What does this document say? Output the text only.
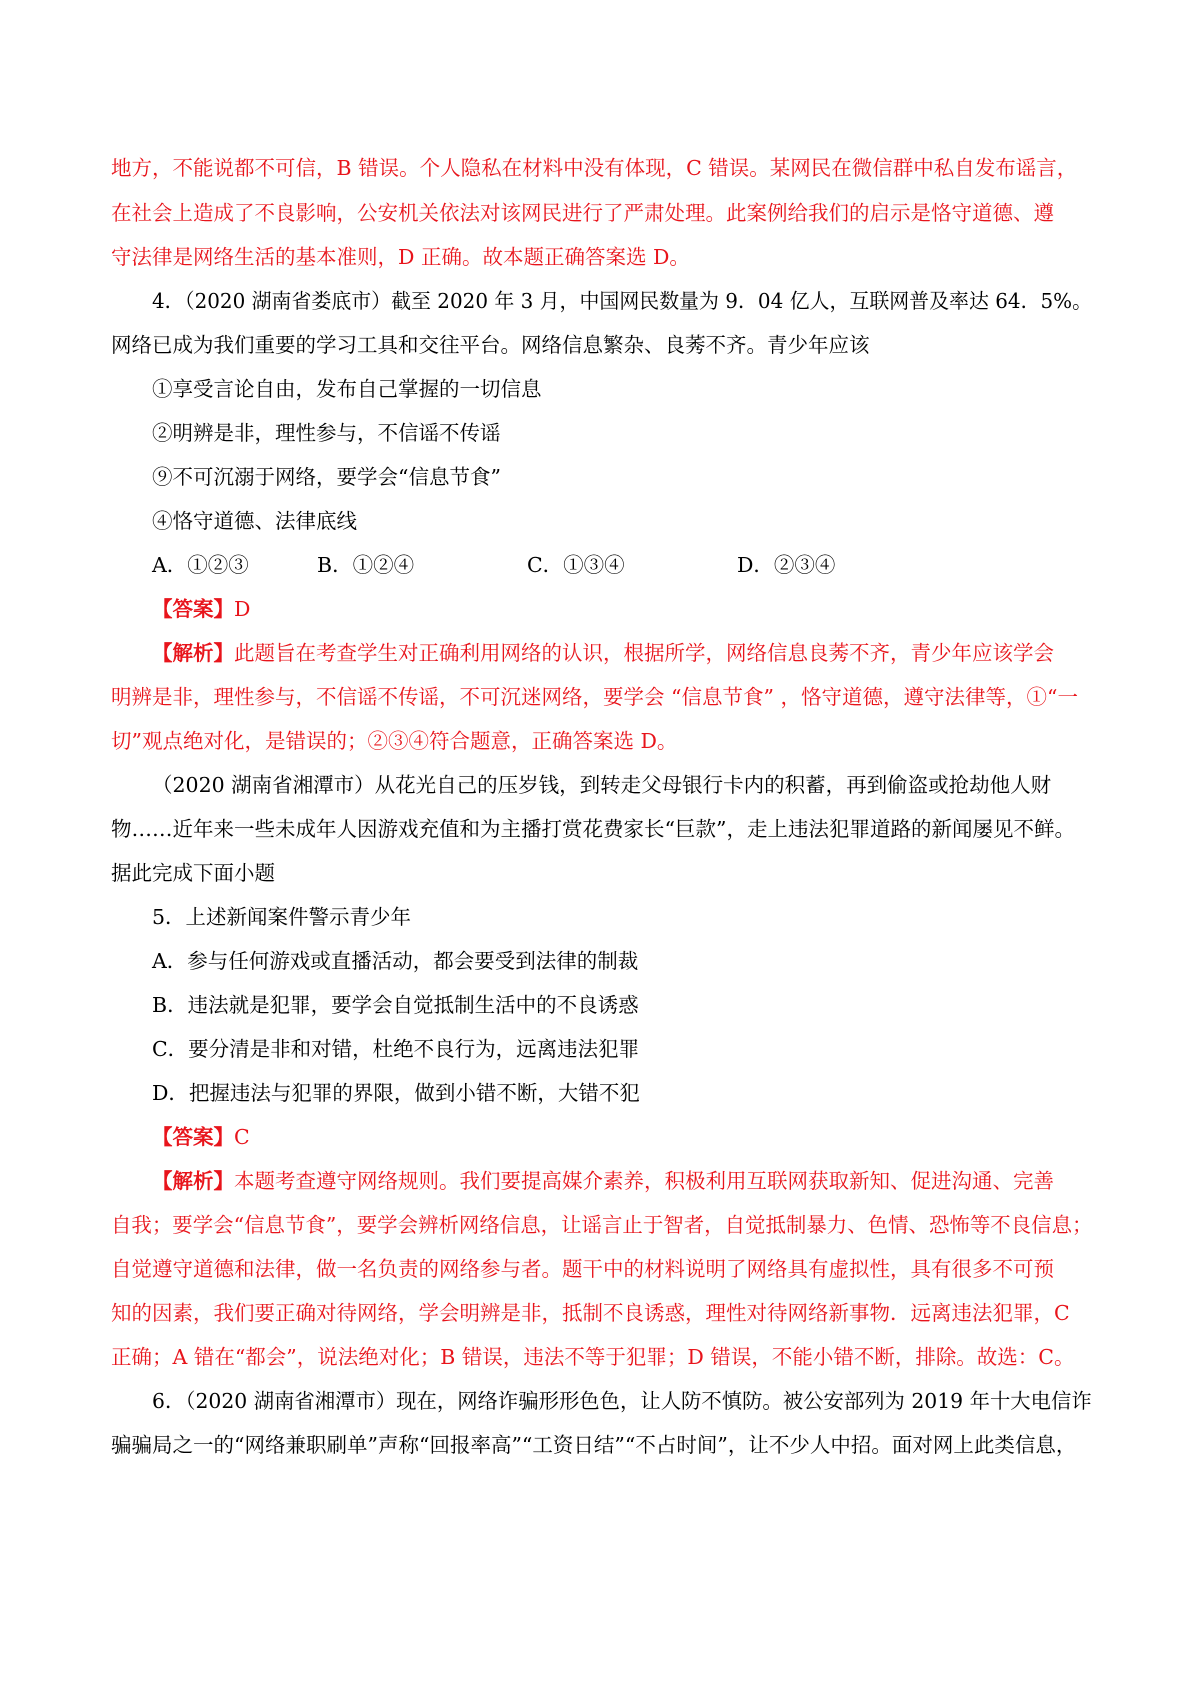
地方，不能说都不可信，B 错误。个人隐私在材料中没有体现，C 错误。某网民在微信群中私自发布谣言，
在社会上造成了不良影响，公安机关依法对该网民进行了严肃处理。此案例给我们的启示是恪守道德、遵
守法律是网络生活的基本准则，D 正确。故本题正确答案选 D。
4．（2020 湖南省娄底市）截至 2020 年 3 月，中国网民数量为 9．04 亿人，互联网普及率达 64．5%。
网络已成为我们重要的学习工具和交往平台。网络信息繁杂、良莠不齐。青少年应该
①享受言论自由，发布自己掌握的一切信息
②明辨是非，理性参与，不信谣不传谣
⑨不可沉溺于网络，要学会“信息节食”
④恪守道德、法律底线
A．①②③	B．①②④	C．①③④	D．②③④
【答案】D
【解析】此题旨在考查学生对正确利用网络的认识，根据所学，网络信息良莠不齐，青少年应该学会
明辨是非，理性参与，不信谣不传谣，不可沉迷网络，要学会 “信息节食” ，恪守道德，遵守法律等，①“一
切”观点绝对化，是错误的；②③④符合题意，正确答案选 D。
（2020 湖南省湘潭市）从花光自己的压岁钱，到转走父母银行卡内的积蓄，再到偷盗或抢劫他人财
物……近年来一些未成年人因游戏充值和为主播打赏花费家长“巨款”，走上违法犯罪道路的新闻屡见不鲜。
据此完成下面小题
5．上述新闻案件警示青少年
A．参与任何游戏或直播活动，都会要受到法律的制裁
B．违法就是犯罪，要学会自觉抵制生活中的不良诱惑
C．要分清是非和对错，杜绝不良行为，远离违法犯罪
D．把握违法与犯罪的界限，做到小错不断，大错不犯
【答案】C
【解析】本题考查遵守网络规则。我们要提高媒介素养，积极利用互联网获取新知、促进沟通、完善
自我；要学会“信息节食”，要学会辨析网络信息，让谣言止于智者，自觉抵制暴力、色情、恐怖等不良信息；
自觉遵守道德和法律，做一名负责的网络参与者。题干中的材料说明了网络具有虚拟性，具有很多不可预
知的因素，我们要正确对待网络，学会明辨是非，抵制不良诱惑，理性对待网络新事物．远离违法犯罪，C
正确；A 错在“都会”，说法绝对化；B 错误，违法不等于犯罪；D 错误，不能小错不断，排除。故选：C。
6．（2020 湖南省湘潭市）现在，网络诈骗形形色色，让人防不慎防。被公安部列为 2019 年十大电信诈
骗骗局之一的“网络兼职刷单”声称“回报率高”“工资日结”“不占时间”，让不少人中招。面对网上此类信息，
